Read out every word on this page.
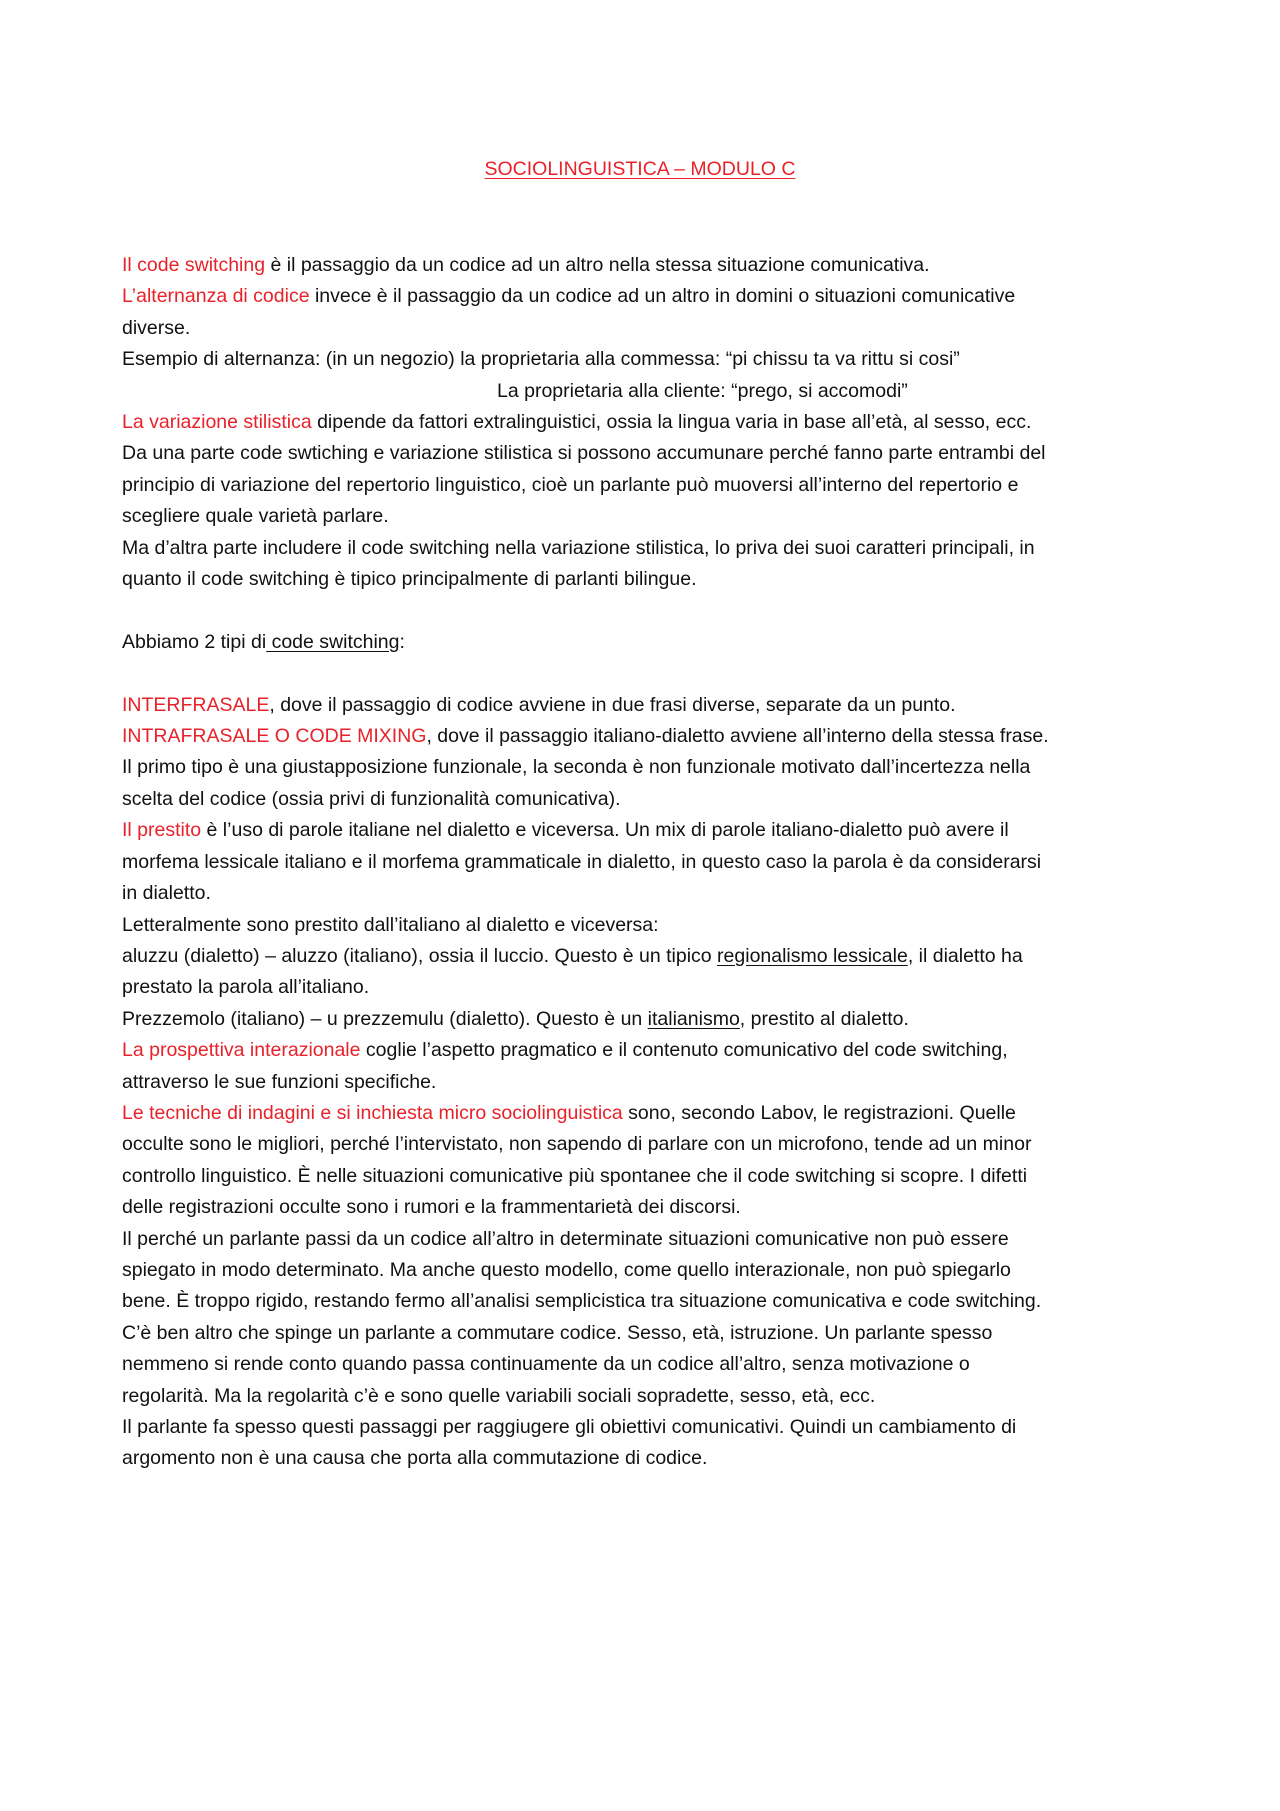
SOCIOLINGUISTICA – MODULO C

Il code switching è il passaggio da un codice ad un altro nella stessa situazione comunicativa.

L’alternanza di codice invece è il passaggio da un codice ad un altro in domini o situazioni comunicative

diverse.

Esempio di alternanza: (in un negozio) la proprietaria alla commessa: “pi chissu ta va rittu si cosi”

La proprietaria alla cliente: “prego, si accomodi”

La variazione stilistica dipende da fattori extralinguistici, ossia la lingua varia in base all’età, al sesso, ecc.

Da una parte code swtiching e variazione stilistica si possono accumunare perché fanno parte entrambi del

principio di variazione del repertorio linguistico, cioè un parlante può muoversi all’interno del repertorio e

scegliere quale varietà parlare.

Ma d’altra parte includere il code switching nella variazione stilistica, lo priva dei suoi caratteri principali, in

quanto il code switching è tipico principalmente di parlanti bilingue.

Abbiamo 2 tipi di code switching:

INTERFRASALE, dove il passaggio di codice avviene in due frasi diverse, separate da un punto.

INTRAFRASALE O CODE MIXING, dove il passaggio italiano-dialetto avviene all’interno della stessa frase.

Il primo tipo è una giustapposizione funzionale, la seconda è non funzionale motivato dall’incertezza nella

scelta del codice (ossia privi di funzionalità comunicativa).

Il prestito è l’uso di parole italiane nel dialetto e viceversa. Un mix di parole italiano-dialetto può avere il

morfema lessicale italiano e il morfema grammaticale in dialetto, in questo caso la parola è da considerarsi

in dialetto.

Letteralmente sono prestito dall’italiano al dialetto e viceversa:

aluzzu (dialetto) – aluzzo (italiano), ossia il luccio. Questo è un tipico regionalismo lessicale, il dialetto ha

prestato la parola all’italiano.

Prezzemolo (italiano) – u prezzemulu (dialetto). Questo è un italianismo, prestito al dialetto.

La prospettiva interazionale coglie l’aspetto pragmatico e il contenuto comunicativo del code switching,

attraverso le sue funzioni specifiche.

Le tecniche di indagini e si inchiesta micro sociolinguistica sono, secondo Labov, le registrazioni. Quelle

occulte sono le migliori, perché l’intervistato, non sapendo di parlare con un microfono, tende ad un minor

controllo linguistico. È nelle situazioni comunicative più spontanee che il code switching si scopre. I difetti

delle registrazioni occulte sono i rumori e la frammentarietà dei discorsi.

Il perché un parlante passi da un codice all’altro in determinate situazioni comunicative non può essere

spiegato in modo determinato. Ma anche questo modello, come quello interazionale, non può spiegarlo

bene. È troppo rigido, restando fermo all’analisi semplicistica tra situazione comunicativa e code switching.

C’è ben altro che spinge un parlante a commutare codice. Sesso, età, istruzione. Un parlante spesso

nemmeno si rende conto quando passa continuamente da un codice all’altro, senza motivazione o

regolarità. Ma la regolarità c’è e sono quelle variabili sociali sopradette, sesso, età, ecc.

Il parlante fa spesso questi passaggi per raggiugere gli obiettivi comunicativi. Quindi un cambiamento di

argomento non è una causa che porta alla commutazione di codice.
